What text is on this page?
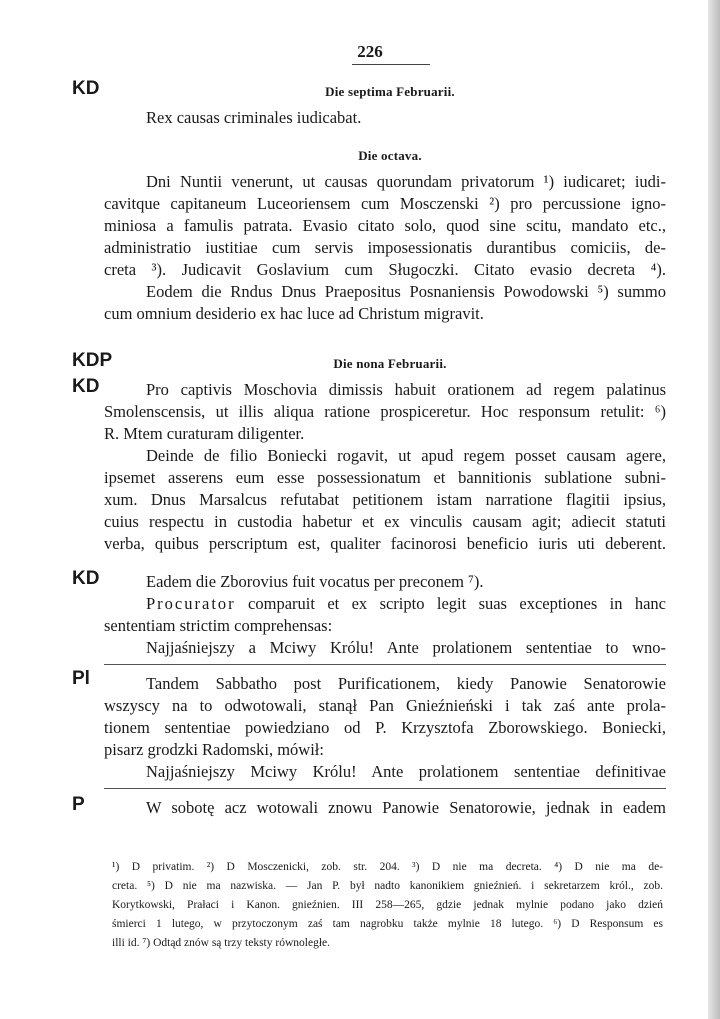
226
KD	Die septima Februarii.
Rex causas criminales iudicabat.
Die octava.
Dni Nuntii venerunt, ut causas quorundam privatorum ¹) iudicaret; iudi-
cavitque capitaneum Luceoriensem cum Mosczenski ²) pro percussione igno-
miniosa a famulis patrata. Evasio citato solo, quod sine scitu, mandato etc.,
administratio iustitiae cum servis imposessionatis durantibus comiciis, de-
creta ³). Judicavit Goslavium cum Sługoczki. Citato evasio decreta ⁴).
Eodem die Rndus Dnus Praepositus Posnaniensis Powodowski ⁵) summo
cum omnium desiderio ex hac luce ad Christum migravit.
KDP	Die nona Februarii.
KD	Pro captivis Moschovia dimissis habuit orationem ad regem palatinus
Smolenscensis, ut illis aliqua ratione prospiceretur. Hoc responsum retulit: ⁶)
R. Mtem curaturam diligenter.
Deinde de filio Boniecki rogavit, ut apud regem posset causam agere,
ipsemet asserens eum esse possessionatum et bannitionis sublatione subni-
xum. Dnus Marsalcus refutabat petitionem istam narratione flagitii ipsius,
cuius respectu in custodia habetur et ex vinculis causam agit; adiecit statuti
verba, quibus perscriptum est, qualiter facinorosi beneficio iuris uti deberent.
KD	Eadem die Zborovius fuit vocatus per preconem ⁷).
Procurator comparuit et ex scripto legit suas exceptiones in hanc
sententiam strictim comprehensas:
Najjaśniejszy a Mciwy Królu! Ante prolationem sententiae to wno-
Pl	Tandem Sabbatho post Purificationem, kiedy Panowie Senatorowie
wszyscy na to odwotowali, stanął Pan Gnieźnieński i tak zaś ante prola-
tionem sententiae powiedziano od P. Krzysztofa Zborowskiego. Boniecki,
pisarz grodzki Radomski, mówił:
Najjaśniejszy Mciwy Królu! Ante prolationem sententiae definitivae
P	W sobotę acz wotowali znowu Panowie Senatorowie, jednak in eadem
¹) D privatim. ²) D Mosczenicki, zob. str. 204. ³) D nie ma decreta. ⁴) D nie ma de-
creta. ⁵) D nie ma nazwiska. — Jan P. był nadto kanonikiem gnieźnień. i sekretarzem król., zob.
Korytkowski, Prałaci i Kanon. gnieźnien. III 258—265, gdzie jednak mylnie podano jako dzień
śmierci 1 lutego, w przytoczonym zaś tam nagrobku także mylnie 18 lutego. ⁶) D Responsum es
illi id. ⁷) Odtąd znów są trzy teksty równoległe.
